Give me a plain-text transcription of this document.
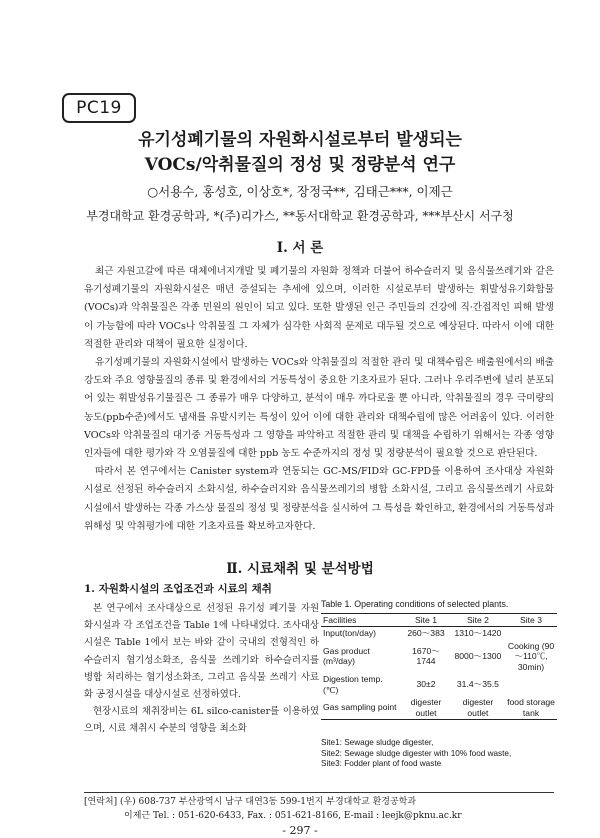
PC19
유기성폐기물의 자원화시설로부터 발생되는
VOCs/악취물질의 정성 및 정량분석 연구
○서용수, 홍성호, 이상호*, 장정국**, 김태근***, 이제근
부경대학교 환경공학과, *(주)리가스, **동서대학교 환경공학과, ***부산시 서구청
Ⅰ. 서 론

최근 자원고갈에 따른 대체에너지개발 및 폐기물의 자원화 정책과 더불어 하수슬러지 및 음식물쓰레기와 같은 유기성폐기물의 자원화시설은 매년 증설되는 추세에 있으며, 이러한 시설로부터 발생하는 휘발성유기화합물(VOCs)과 악취물질은 각종 민원의 원인이 되고 있다. 또한 발생된 인근 주민들의 건강에 직·간접적인 피해 발생이 가능함에 따라 VOCs나 악취물질 그 자체가 심각한 사회적 문제로 대두될 것으로 예상된다. 따라서 이에 대한 적절한 관리와 대책이 필요한 실정이다.

유기성폐기물의 자원화시설에서 발생하는 VOCs와 악취물질의 적절한 관리 및 대책수립은 배출원에서의 배출강도와 주요 영향물질의 종류 및 환경에서의 거동특성이 중요한 기초자료가 된다. 그러나 우리주변에 널리 분포되어 있는 휘발성유기물질은 그 종류가 매우 다양하고, 분석이 매우 까다로울 뿐 아니라, 악취물질의 경우 극미량의 농도(ppb수준)에서도 냄새를 유발시키는 특성이 있어 이에 대한 관리와 대책수립에 많은 어려움이 있다. 이러한 VOCs와 악취물질의 대기중 거동특성과 그 영향을 파악하고 적절한 관리 및 대책을 수립하기 위해서는 각종 영향인자들에 대한 평가와 각 오염물질에 대한 ppb 농도 수준까지의 정성 및 정량분석이 필요할 것으로 판단된다.

따라서 본 연구에서는 Canister system과 연동되는 GC-MS/FID와 GC-FPD를 이용하여 조사대상 자원화시설로 선정된 하수슬러지 소화시설, 하수슬러지와 음식물쓰레기의 병합 소화시설, 그리고 음식물쓰레기 사료화시설에서 발생하는 각종 가스상 물질의 정성 및 정량분석을 실시하여 그 특성을 확인하고, 환경에서의 거동특성과 위해성 및 악취평가에 대한 기초자료를 확보하고자한다.

Ⅱ. 시료채취 및 분석방법
1. 자원화시설의 조업조건과 시료의 채취

본 연구에서 조사대상으로 선정된 유기성 폐기물 자원화시설과 각 조업조건을 Table 1에 나타내었다. 조사대상 시설은 Table 1에서 보는 바와 같이 국내의 전형적인 하수슬러지 혐기성소화조, 음식물 쓰레기와 하수슬러지를 병합 처리하는 혐기성소화조, 그리고 음식물 쓰레기 사료화 공정시설을 대상시설로 선정하였다.

현장시료의 채취장비는 6L silco-canister를 이용하였으며, 시료 채취시 수분의 영향을 최소화

Table 1. Operating conditions of selected plants.
Facilities	Site 1	Site 2	Site 3
Input(ton/day)	260～383	1310～1420	
Gas product (m³/day)	1670～1744	8000～1300	Cooking (90～110℃, 30min)
Digestion temp. (℃)	30±2	31.4～35.5	
Gas sampling point	digester outlet	digester outlet	food storage tank
Site1: Sewage sludge digester,
Site2: Sewage sludge digester with 10% food waste,
Site3: Fodder plant of food waste
[연락처] (우) 608-737 부산광역시 남구 대연3동 599-1번지 부경대학교 환경공학과
이제근 Tel. : 051-620-6433, Fax. : 051-621-8166, E-mail : leejk@pknu.ac.kr
- 297 -
